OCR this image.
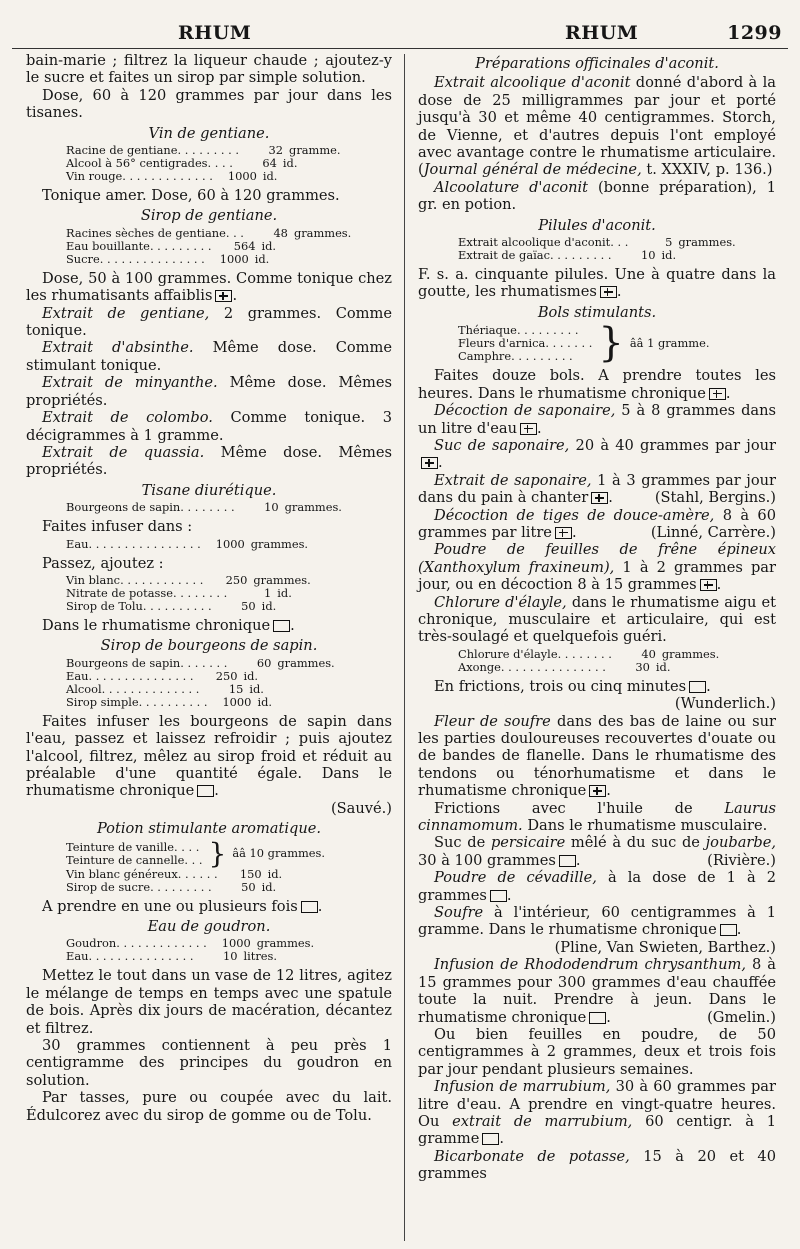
RHUM	RHUM	1299

bain-marie ; filtrez la liqueur chaude ; ajoutez-y le sucre et faites un sirop par simple solution.

Dose, 60 à 120 grammes par jour dans les tisanes.

Vin de gentiane.
Racine de gentiane. . . . . . . . .	32 gramme.
Alcool à 56° centigrades. . . .	64 id.
Vin rouge. . . . . . . . . . . . .1000 id.

Tonique amer. Dose, 60 à 120 grammes.

Sirop de gentiane.
Racines sèches de gentiane. . .	48 grammes.
Eau bouillante. . . . . . . . .564 id.
Sucre. . . . . . . . . . . . . . .1000 id.

Dose, 50 à 100 grammes. Comme tonique chez les rhumatisants affaiblis .

Extrait de gentiane, 2 grammes. Comme tonique.

Extrait d'absinthe. Même dose. Comme stimulant tonique.

Extrait de minyanthe. Même dose. Mêmes propriétés.

Extrait de colombo. Comme tonique. 3 décigrammes à 1 gramme.

Extrait de quassia. Même dose. Mêmes propriétés.

Tisane diurétique.
Bourgeons de sapin. . . . . . . .	10 grammes.

Faites infuser dans :

Eau. . . . . . . . . . . . . . . .1000 grammes.

Passez, ajoutez :

Vin blanc. . . . . . . . . . . .250 grammes.
Nitrate de potasse. . . . . . . .	1 id.
Sirop de Tolu. . . . . . . . . .	50 id.

Dans le rhumatisme chronique .

Sirop de bourgeons de sapin.
Bourgeons de sapin. . . . . . .	60 grammes.
Eau. . . . . . . . . . . . . . .250 id.
Alcool. . . . . . . . . . . . . .	15 id.
Sirop simple. . . . . . . . . .1000 id.

Faites infuser les bourgeons de sapin dans l'eau, passez et laissez refroidir ; puis ajoutez l'alcool, filtrez, mêlez au sirop froid et réduit au préalable d'une quantité égale. Dans le rhumatisme chronique .

(Sauvé.)
Potion stimulante aromatique.
Teinture de vanille. . . .
Teinture de cannelle. . . } ââ 10 grammes.
Vin blanc généreux. . . . . .150 id.
Sirop de sucre. . . . . . . . .	50 id.

A prendre en une ou plusieurs fois .

Eau de goudron.
Goudron. . . . . . . . . . . . .1000 grammes.
Eau. . . . . . . . . . . . . . .	10 litres.

Mettez le tout dans un vase de 12 litres, agitez le mélange de temps en temps avec une spatule de bois. Après dix jours de macération, décantez et filtrez.

30 grammes contiennent à peu près 1 centigramme des principes du goudron en solution.

Par tasses, pure ou coupée avec du lait. Édulcorez avec du sirop de gomme ou de Tolu.

Préparations officinales d'aconit.

Extrait alcoolique d'aconit donné d'abord à la dose de 25 milligrammes par jour et porté jusqu'à 30 et même 40 centigrammes. Storch, de Vienne, et d'autres depuis l'ont employé avec avantage contre le rhumatisme articulaire. (Journal général de médecine, t. XXXIV, p. 136.)

Alcoolature d'aconit (bonne préparation), 1 gr. en potion.

Pilules d'aconit.
Extrait alcoolique d'aconit. . .	5 grammes.
Extrait de gaïac. . . . . . . . .	10 id.

F. s. a. cinquante pilules. Une à quatre dans la goutte, les rhumatismes .

Bols stimulants.
Thériaque. . . . . . . . .
Fleurs d'arnica. . . . . . .
Camphre. . . . . . . . . } ââ 1 gramme.

Faites douze bols. A prendre toutes les heures. Dans le rhumatisme chronique .

Décoction de saponaire, 5 à 8 grammes dans un litre d'eau .

Suc de saponaire, 20 à 40 grammes par jour.

Extrait de saponaire, 1 à 3 grammes par jour dans du pain à chanter .	(Stahl, Bergins.)

Décoction de tiges de douce-amère, 8 à 60 grammes par litre .	(Linné, Carrère.)

Poudre de feuilles de frêne épineux (Xanthoxylum fraxineum), 1 à 2 grammes par jour, ou en décoction 8 à 15 grammes .

Chlorure d'élayle, dans le rhumatisme aigu et chronique, musculaire et articulaire, qui est très-soulagé et quelquefois guéri.

Chlorure d'élayle. . . . . . . .	40 grammes.
Axonge. . . . . . . . . . . . . . .	30 id.

En frictions, trois ou cinq minutes .

(Wunderlich.)

Fleur de soufre dans des bas de laine ou sur les parties douloureuses recouvertes d'ouate ou de bandes de flanelle. Dans le rhumatisme des tendons ou ténorhumatisme et dans le rhumatisme chronique .

Frictions avec l'huile de Laurus cinnamomum. Dans le rhumatisme musculaire.

Suc de persicaire mêlé à du suc de joubarbe, 30 à 100 grammes .	(Rivière.)

Poudre de cévadille, à la dose de 1 à 2 grammes .

Soufre à l'intérieur, 60 centigrammes à 1 gramme. Dans le rhumatisme chronique .

(Pline, Van Swieten, Barthez.)

Infusion de Rhododendrum chrysanthum, 8 à 15 grammes pour 300 grammes d'eau chauffée toute la nuit. Prendre à jeun. Dans le rhumatisme chronique .	(Gmelin.)

Ou bien feuilles en poudre, de 50 centigrammes à 2 grammes, deux et trois fois par jour pendant plusieurs semaines.

Infusion de marrubium, 30 à 60 grammes par litre d'eau. A prendre en vingt-quatre heures. Ou extrait de marrubium, 60 centigr. à 1 gramme .

Bicarbonate de potasse, 15 à 20 et 40 grammes
